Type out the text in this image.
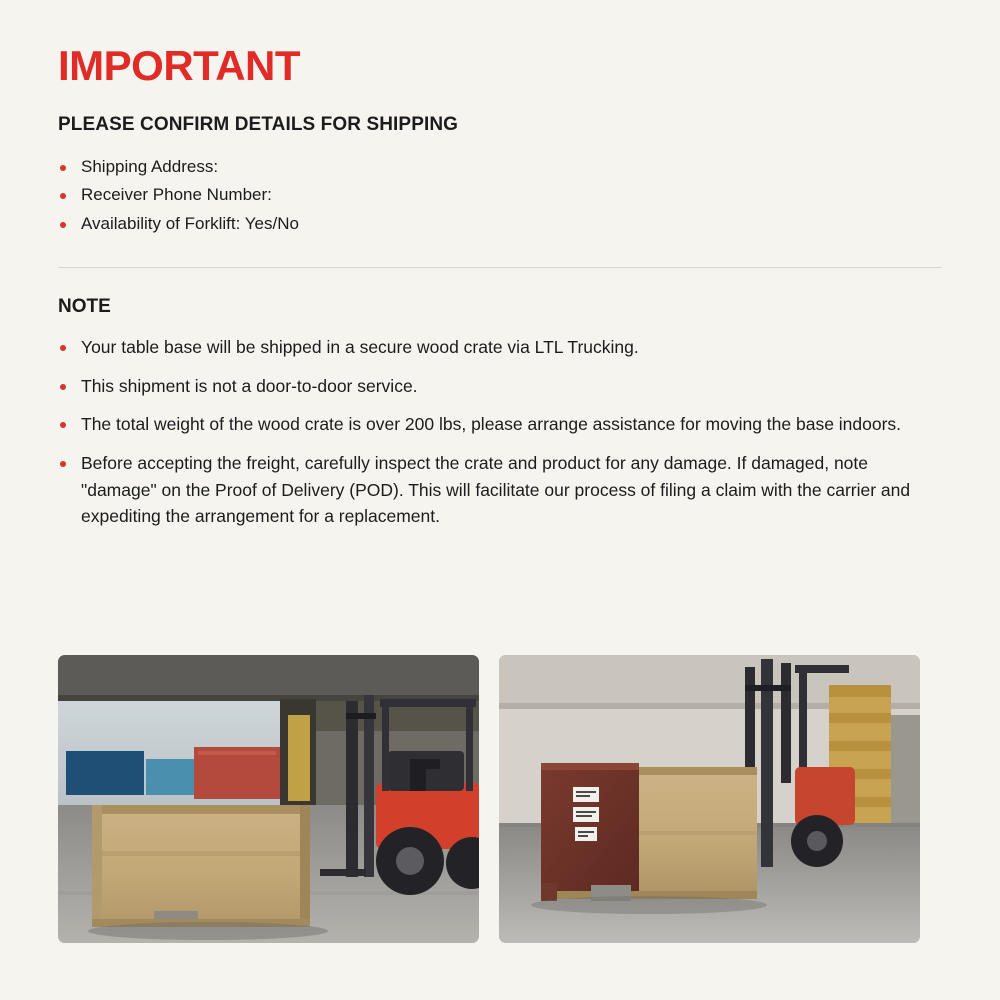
IMPORTANT
PLEASE CONFIRM DETAILS FOR SHIPPING
Shipping Address:
Receiver Phone Number:
Availability of Forklift: Yes/No
NOTE
Your table base will be shipped in a secure wood crate via LTL Trucking.
This shipment is not a door-to-door service.
The total weight of the wood crate is over 200 lbs, please arrange assistance for moving the base indoors.
Before accepting the freight, carefully inspect the crate and product for any damage. If damaged, note "damage" on the Proof of Delivery (POD). This will facilitate our process of filing a claim with the carrier and expediting the arrangement for a replacement.
